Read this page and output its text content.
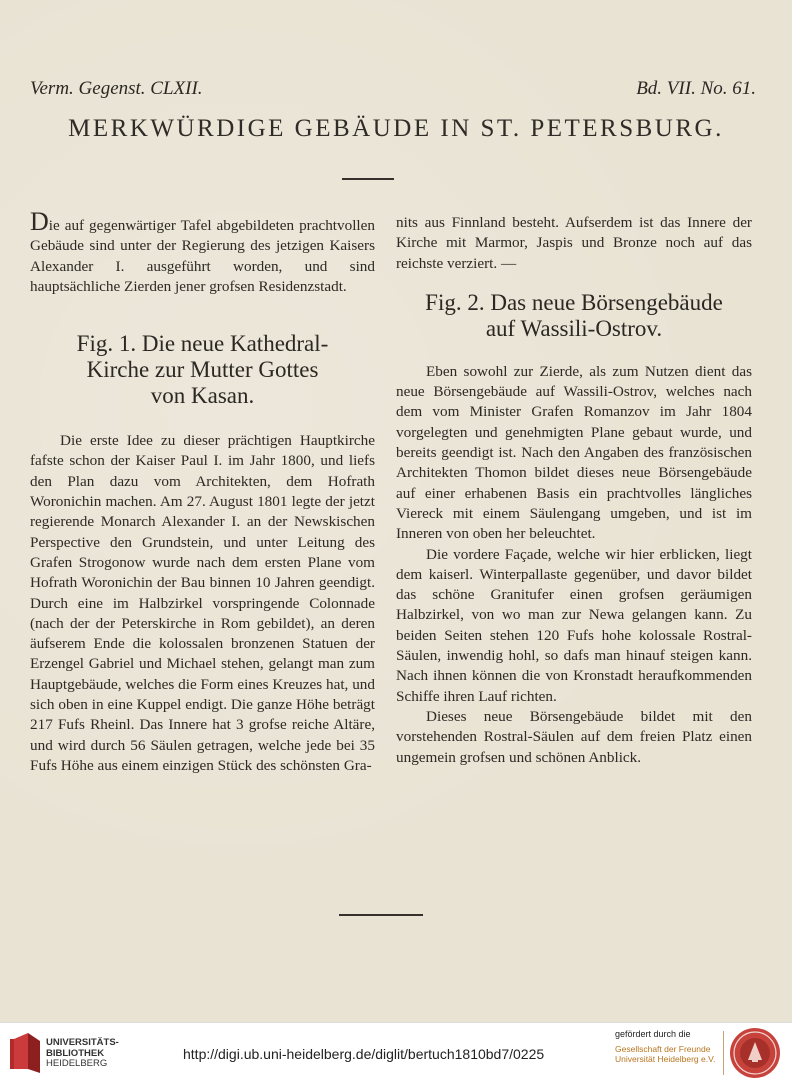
Verm. Gegenst. CLXII.	Bd. VII. No. 61.
MERKWÜRDIGE GEBÄUDE IN ST. PETERSBURG.

Die auf gegenwärtiger Tafel abgebildeten prachtvollen Gebäude sind unter der Regierung des jetzigen Kaisers Alexander I. ausgeführt worden, und sind hauptsächliche Zierden jener grofsen Residenzstadt.

Fig. 1. Die neue Kathedral-
Kirche zur Mutter Gottes
von Kasan.

Die erste Idee zu dieser prächtigen Hauptkirche fafste schon der Kaiser Paul I. im Jahr 1800, und liefs den Plan dazu vom Architekten, dem Hofrath Woronichin machen. Am 27. August 1801 legte der jetzt regierende Monarch Alexander I. an der Newskischen Perspective den Grundstein, und unter Leitung des Grafen Strogonow wurde nach dem ersten Plane vom Hofrath Woronichin der Bau binnen 10 Jahren geendigt. Durch eine im Halbzirkel vorspringende Colonnade (nach der der Peterskirche in Rom gebildet), an deren äufserem Ende die kolossalen bronzenen Statuen der Erzengel Gabriel und Michael stehen, gelangt man zum Hauptgebäude, welches die Form eines Kreuzes hat, und sich oben in eine Kuppel endigt. Die ganze Höhe beträgt 217 Fufs Rheinl. Das Innere hat 3 grofse reiche Altäre, und wird durch 56 Säulen getragen, welche jede bei 35 Fufs Höhe aus einem einzigen Stück des schönsten Gra-

nits aus Finnland besteht. Aufserdem ist das Innere der Kirche mit Marmor, Jaspis und Bronze noch auf das reichste verziert. —

Fig. 2. Das neue Börsengebäude
auf Wassili-Ostrov.

Eben sowohl zur Zierde, als zum Nutzen dient das neue Börsengebäude auf Wassili-Ostrov, welches nach dem vom Minister Grafen Romanzov im Jahr 1804 vorgelegten und genehmigten Plane gebaut wurde, und bereits geendigt ist. Nach den Angaben des französischen Architekten Thomon bildet dieses neue Börsengebäude auf einer erhabenen Basis ein prachtvolles längliches Viereck mit einem Säulengang umgeben, und ist im Inneren von oben her beleuchtet.

Die vordere Façade, welche wir hier erblicken, liegt dem kaiserl. Winterpallaste gegenüber, und davor bildet das schöne Granitufer einen grofsen geräumigen Halbzirkel, von wo man zur Newa gelangen kann. Zu beiden Seiten stehen 120 Fufs hohe kolossale Rostral-Säulen, inwendig hohl, so dafs man hinauf steigen kann. Nach ihnen können die von Kronstadt heraufkommenden Schiffe ihren Lauf richten.

Dieses neue Börsengebäude bildet mit den vorstehenden Rostral-Säulen auf dem freien Platz einen ungemein grofsen und schönen Anblick.

UNIVERSITÄTS-
BIBLIOTHEK
HEIDELBERG
http://digi.ub.uni-heidelberg.de/diglit/bertuch1810bd7/0225
gefördert durch die
Gesellschaft der Freunde
Universität Heidelberg e.V.
